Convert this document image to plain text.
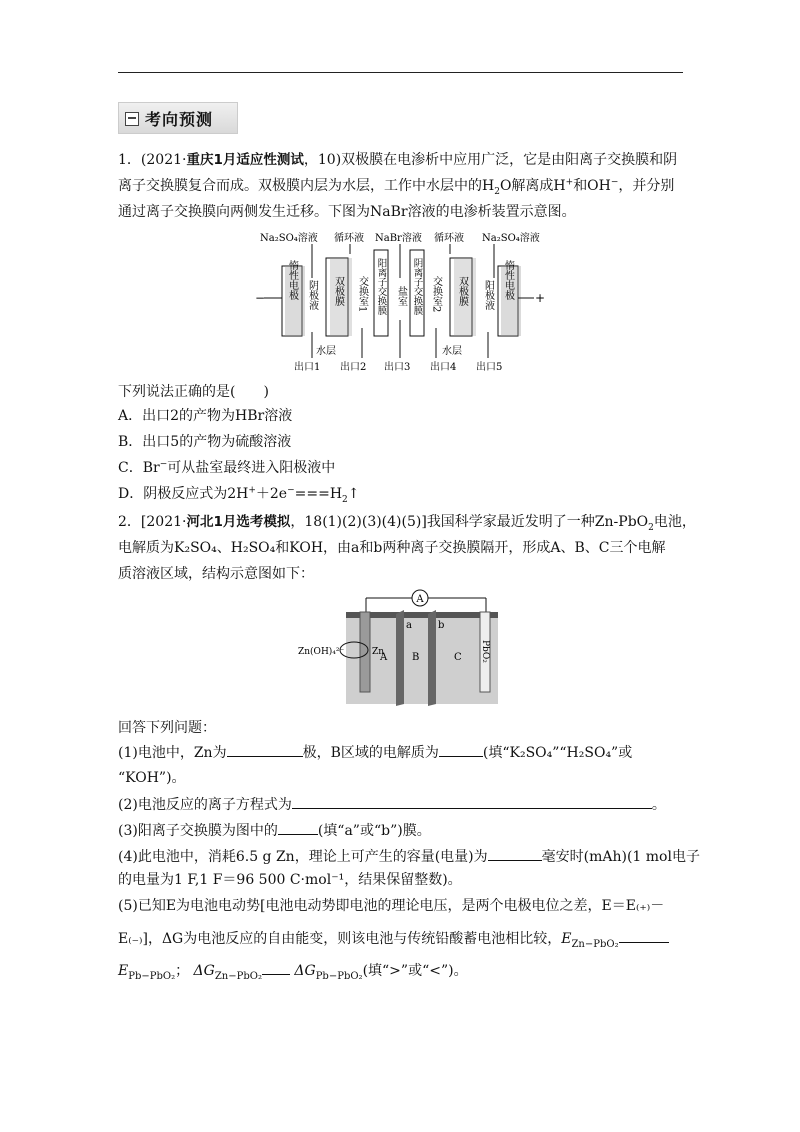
考向预测
1．(2021·重庆1月适应性测试，10)双极膜在电渗析中应用广泛，它是由阳离子交换膜和阴
离子交换膜复合而成。双极膜内层为水层，工作中水层中的$H_2O$解离成H+和OH−，并分别
通过离子交换膜向两侧发生迁移。下图为NaBr溶液的电渗析装置示意图。
Na₂SO₄溶液 循环液 NaBr溶液 循环液 Na₂SO₄溶液
惰性电极	惰性电极
−	+
阴极液 双极膜 交换室1 阳离子交换膜 盐室 阴离子交换膜 交换室2 双极膜 阳极液
水层	水层
出口1 出口2 出口3 出口4 出口5
下列说法正确的是(　　)
A．出口2的产物为HBr溶液
B．出口5的产物为硫酸溶液
C．Br−可从盐室最终进入阳极液中
D．阴极反应式为$2H^++2e^-===H_2↑$
2．[2021·河北1月选考模拟，18(1)(2)(3)(4)(5)]我国科学家最近发明了一种Zn-PbO$_2$电池，
电解质为K₂SO₄、H₂SO₄和KOH，由a和b两种离子交换膜隔开，形成A、B、C三个电解
质溶液区域，结构示意图如下：
A
PbO₂
a	b
A B	C
Zn
Zn(OH)₄²⁻
回答下列问题：
(1)电池中，Zn为	极，B区域的电解质为	(填“K₂SO₄”“H₂SO₄”或
“KOH”)。
(2)电池反应的离子方程式为	。
(3)阳离子交换膜为图中的	(填“a”或“b”)膜。
(4)此电池中，消耗6.5 g Zn，理论上可产生的容量(电量)为	毫安时(mAh)(1 mol电子
的电量为1 F,1 F＝96 500 C·mol⁻¹，结果保留整数)。
(5)已知E为电池电动势[电池电动势即电池的理论电压，是两个电极电位之差，E＝E₍₊₎－
E₍₋₎]，ΔG为电池反应的自由能变，则该电池与传统铅酸蓄电池相比较，$E_{Zn-PbO_2}$
$E_{Pb-PbO_2}$； $\Delta G_{Zn-PbO_2}$ $\Delta G_{Pb-PbO_2}$(填“>”或“<”)。
